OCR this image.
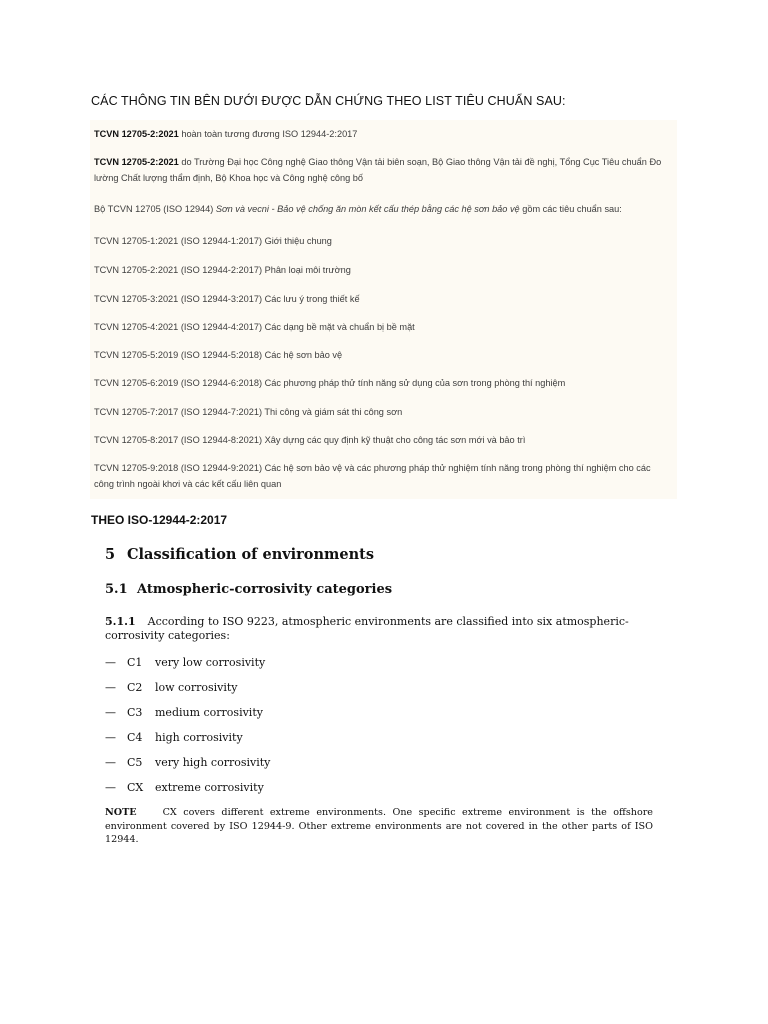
CÁC THÔNG TIN BÊN DƯỚI ĐƯỢC DẪN CHỨNG THEO LIST TIÊU CHUẨN SAU:
TCVN 12705-2:2021 hoàn toàn tương đương ISO 12944-2:2017
TCVN 12705-2:2021 do Trường Đại học Công nghệ Giao thông Vận tải biên soạn, Bộ Giao thông Vận tải đề nghị, Tổng Cục Tiêu chuẩn Đo lường Chất lượng thẩm định, Bộ Khoa học và Công nghệ công bố
Bộ TCVN 12705 (ISO 12944) Sơn và vecni - Bảo vệ chống ăn mòn kết cấu thép bằng các hệ sơn bảo vệ gồm các tiêu chuẩn sau:
TCVN 12705-1:2021 (ISO 12944-1:2017) Giới thiệu chung
TCVN 12705-2:2021 (ISO 12944-2:2017) Phân loại môi trường
TCVN 12705-3:2021 (ISO 12944-3:2017) Các lưu ý trong thiết kế
TCVN 12705-4:2021 (ISO 12944-4:2017) Các dạng bề mặt và chuẩn bị bề mặt
TCVN 12705-5:2019 (ISO 12944-5:2018) Các hệ sơn bảo vệ
TCVN 12705-6:2019 (ISO 12944-6:2018) Các phương pháp thử tính năng sử dụng của sơn trong phòng thí nghiệm
TCVN 12705-7:2017 (ISO 12944-7:2021) Thi công và giám sát thi công sơn
TCVN 12705-8:2017 (ISO 12944-8:2021) Xây dựng các quy định kỹ thuật cho công tác sơn mới và bảo trì
TCVN 12705-9:2018 (ISO 12944-9:2021) Các hệ sơn bảo vệ và các phương pháp thử nghiệm tính năng trong phòng thí nghiệm cho các công trình ngoài khơi và các kết cấu liên quan
THEO ISO-12944-2:2017
5 Classification of environments
5.1 Atmospheric-corrosivity categories
5.1.1 According to ISO 9223, atmospheric environments are classified into six atmospheric-corrosivity categories:
— C1 very low corrosivity
— C2 low corrosivity
— C3 medium corrosivity
— C4 high corrosivity
— C5 very high corrosivity
— CX extreme corrosivity
NOTE	CX covers different extreme environments. One specific extreme environment is the offshore environment covered by ISO 12944-9. Other extreme environments are not covered in the other parts of ISO 12944.
